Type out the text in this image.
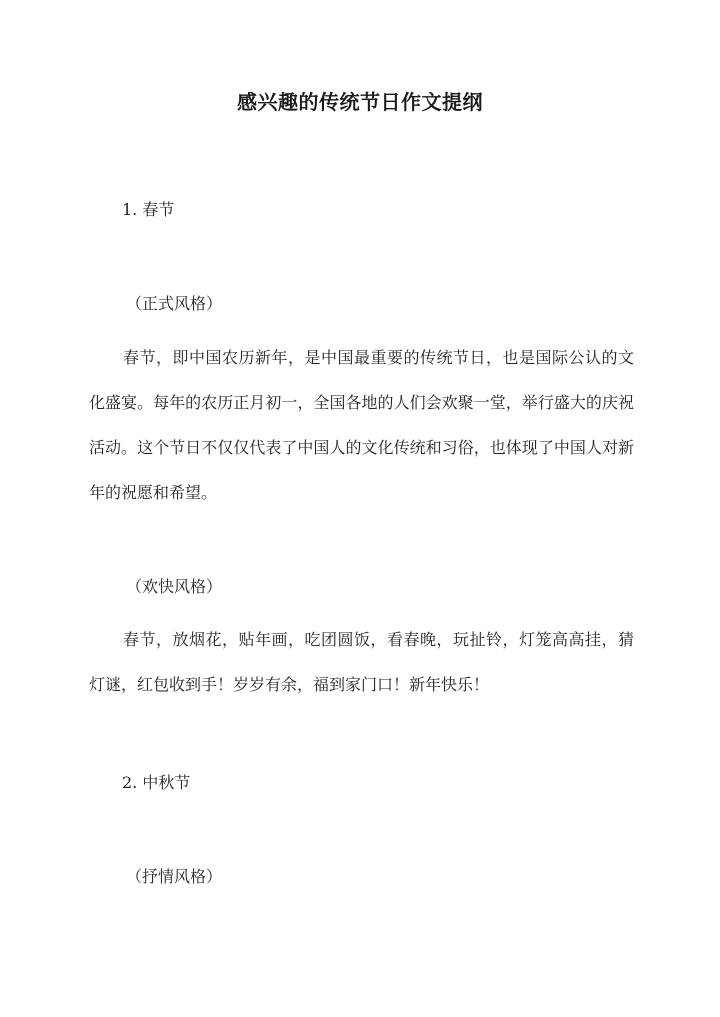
感兴趣的传统节日作文提纲
1. 春节
（正式风格）
春节，即中国农历新年，是中国最重要的传统节日，也是国际公认的文化盛宴。每年的农历正月初一，全国各地的人们会欢聚一堂，举行盛大的庆祝活动。这个节日不仅仅代表了中国人的文化传统和习俗，也体现了中国人对新年的祝愿和希望。
（欢快风格）
春节，放烟花，贴年画，吃团圆饭，看春晚，玩扯铃，灯笼高高挂，猜灯谜，红包收到手！岁岁有余，福到家门口！新年快乐！
2. 中秋节
（抒情风格）
